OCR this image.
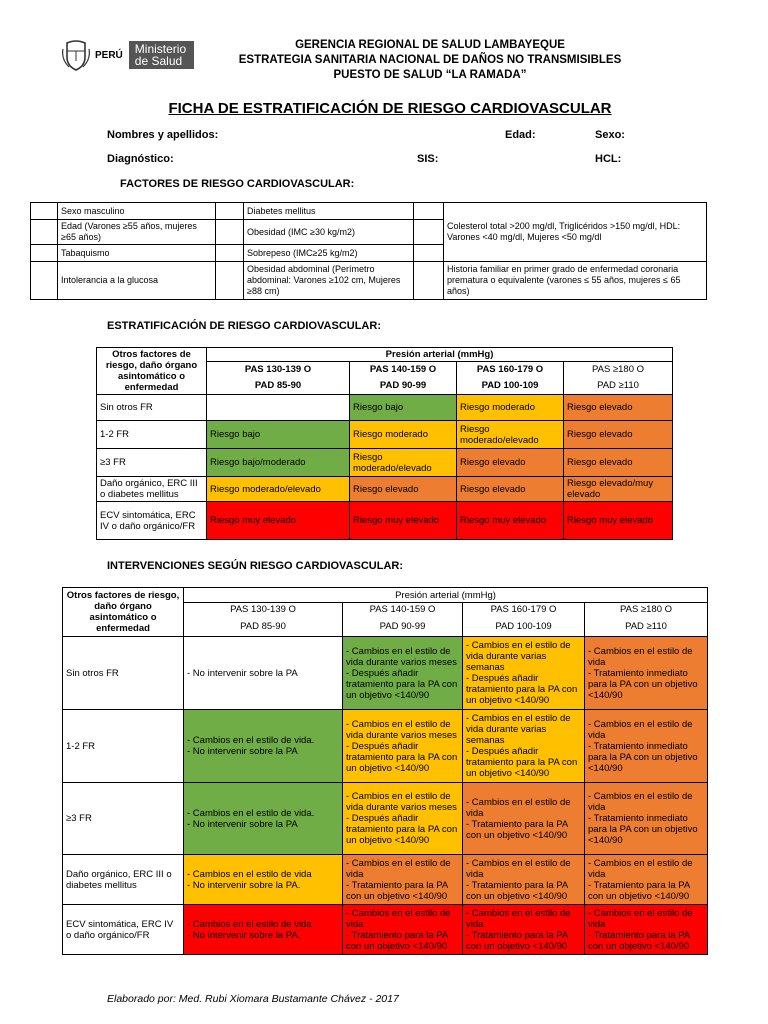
PERÚ Ministerio
de Salud
GERENCIA REGIONAL DE SALUD LAMBAYEQUE
ESTRATEGIA SANITARIA NACIONAL DE DAÑOS NO TRANSMISIBLES
PUESTO DE SALUD “LA RAMADA”
FICHA DE ESTRATIFICACIÓN DE RIESGO CARDIOVASCULAR
Nombres y apellidos:	Edad:	Sexo:
Diagnóstico:	SIS:	HCL:
FACTORES DE RIESGO CARDIOVASCULAR:
	Sexo masculino		Diabetes mellitus		Colesterol total >200 mg/dl, Triglicéridos >150 mg/dl, HDL: Varones <40 mg/dl, Mujeres <50 mg/dl
	Edad (Varones ≥55 años, mujeres ≥65 años)		Obesidad (IMC ≥30 kg/m2)		
	Tabaquismo		Sobrepeso (IMC≥25 kg/m2)		
	Intolerancia a la glucosa		Obesidad abdominal (Perímetro abdominal: Varones ≥102 cm, Mujeres ≥88 cm)		Historia familiar en primer grado de enfermedad coronaria prematura o equivalente (varones ≤ 55 años, mujeres ≤ 65 años)
ESTRATIFICACIÓN DE RIESGO CARDIOVASCULAR:
Otros factores de riesgo, daño órgano asintomático o enfermedad	Presión arterial (mmHg)			
	PAS 130-139 O	PAS 140-159 O	PAS 160-179 O	PAS ≥180 O
	PAD 85-90	PAD 90-99	PAD 100-109	PAD ≥110
Sin otros FR		Riesgo bajo	Riesgo moderado	Riesgo elevado
1-2 FR	Riesgo bajo	Riesgo moderado	Riesgo moderado/elevado	Riesgo elevado
≥3 FR	Riesgo bajo/moderado	Riesgo moderado/elevado	Riesgo elevado	Riesgo elevado
Daño orgánico, ERC III o diabetes mellitus	Riesgo moderado/elevado	Riesgo elevado	Riesgo elevado	Riesgo elevado/muy elevado
ECV sintomática, ERC IV o daño orgánico/FR	Riesgo muy elevado	Riesgo muy elevado	Riesgo muy elevado	Riesgo muy elevado
INTERVENCIONES SEGÚN RIESGO CARDIOVASCULAR:
Otros factores de riesgo, daño órgano asintomático o enfermedad	Presión arterial (mmHg)			
	PAS 130-139 O	PAS 140-159 O	PAS 160-179 O	PAS ≥180 O
	PAD 85-90	PAD 90-99	PAD 100-109	PAD ≥110
Sin otros FR	- No intervenir sobre la PA	- Cambios en el estilo de vida durante varios meses
- Después añadir tratamiento para la PA con un objetivo <140/90	- Cambios en el estilo de vida durante varias semanas
- Después añadir tratamiento para la PA con un objetivo <140/90	- Cambios en el estilo de vida
- Tratamiento inmediato para la PA con un objetivo <140/90

1-2 FR	- Cambios en el estilo de vida.
- No intervenir sobre la PA	- Cambios en el estilo de vida durante varios meses
- Después añadir tratamiento para la PA con un objetivo <140/90	- Cambios en el estilo de vida durante varias semanas
- Después añadir tratamiento para la PA con un objetivo <140/90	- Cambios en el estilo de vida
- Tratamiento inmediato para la PA con un objetivo <140/90

≥3 FR	- Cambios en el estilo de vida.
- No intervenir sobre la PA	- Cambios en el estilo de vida durante varios meses
- Después añadir tratamiento para la PA con un objetivo <140/90	- Cambios en el estilo de vida
- Tratamiento para la PA con un objetivo <140/90	- Cambios en el estilo de vida
- Tratamiento inmediato para la PA con un objetivo <140/90

Daño orgánico, ERC III o diabetes mellitus	- Cambios en el estilo de vida
- No intervenir sobre la PA.	- Cambios en el estilo de vida
- Tratamiento para la PA con un objetivo <140/90	- Cambios en el estilo de vida
- Tratamiento para la PA con un objetivo <140/90	- Cambios en el estilo de vida
- Tratamiento para la PA con un objetivo <140/90

ECV sintomática, ERC IV o daño orgánico/FR	- Cambios en el estilo de vida
- No intervenir sobre la PA.	- Cambios en el estilo de vida
- Tratamiento para la PA con un objetivo <140/90	- Cambios en el estilo de vida
- Tratamiento para la PA con un objetivo <140/90	- Cambios en el estilo de vida
- Tratamiento para la PA con un objetivo <140/90
Elaborado por: Med. Rubi Xiomara Bustamante Chávez - 2017
